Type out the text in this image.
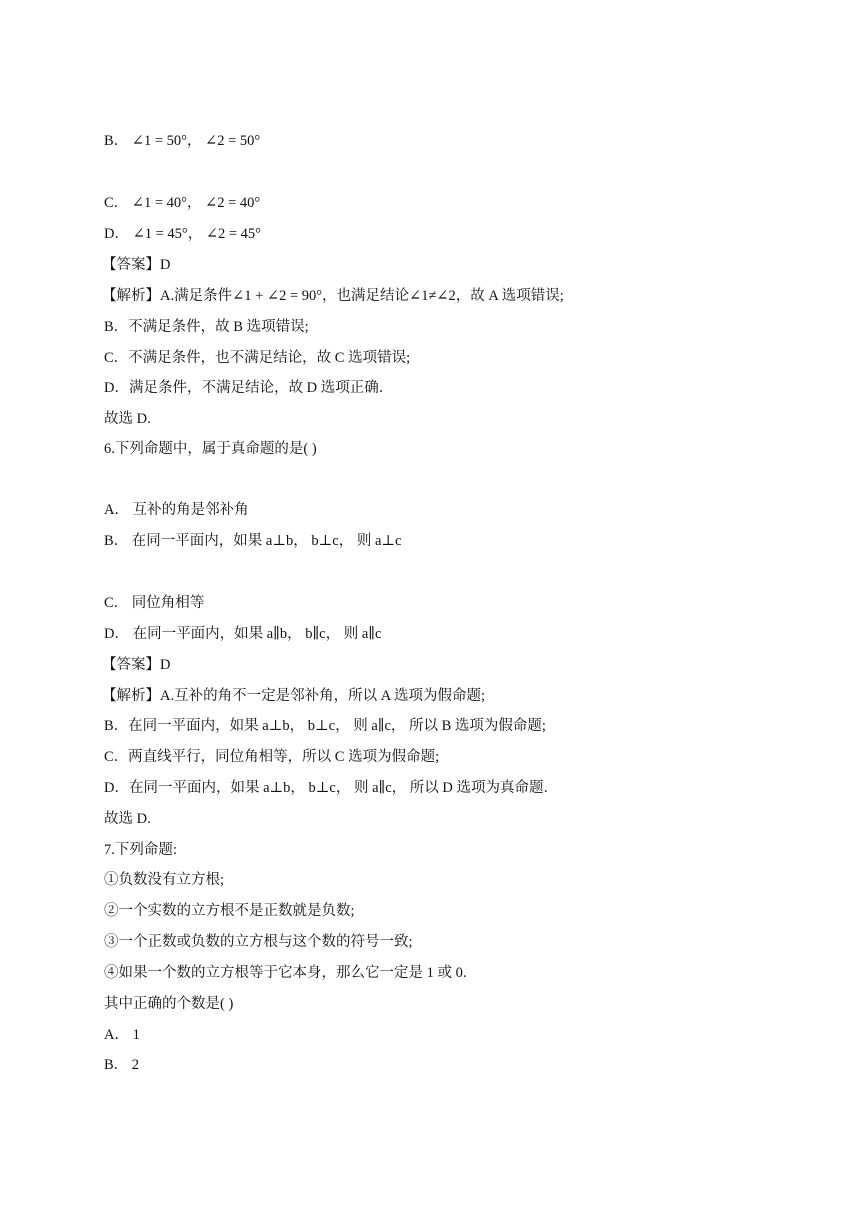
B． ∠1 = 50°， ∠2 = 50°
C． ∠1 = 40°， ∠2 = 40°
D． ∠1 = 45°， ∠2 = 45°
【答案】D
【解析】A.满足条件∠1 + ∠2 = 90°，也满足结论∠1≠∠2，故 A 选项错误;
B．不满足条件，故 B 选项错误;
C．不满足条件，也不满足结论，故 C 选项错误;
D．满足条件，不满足结论，故 D 选项正确．
故选 D.
6.下列命题中，属于真命题的是( )
A． 互补的角是邻补角
B． 在同一平面内，如果 a⊥b， b⊥c， 则 a⊥c
C． 同位角相等
D． 在同一平面内，如果 a∥b， b∥c， 则 a∥c
【答案】D
【解析】A.互补的角不一定是邻补角，所以 A 选项为假命题;
B．在同一平面内，如果 a⊥b， b⊥c， 则 a∥c， 所以 B 选项为假命题;
C．两直线平行，同位角相等，所以 C 选项为假命题;
D．在同一平面内，如果 a⊥b， b⊥c， 则 a∥c， 所以 D 选项为真命题．
故选 D.
7.下列命题:
①负数没有立方根;
②一个实数的立方根不是正数就是负数;
③一个正数或负数的立方根与这个数的符号一致;
④如果一个数的立方根等于它本身，那么它一定是 1 或 0.
其中正确的个数是( )
A． 1
B． 2
